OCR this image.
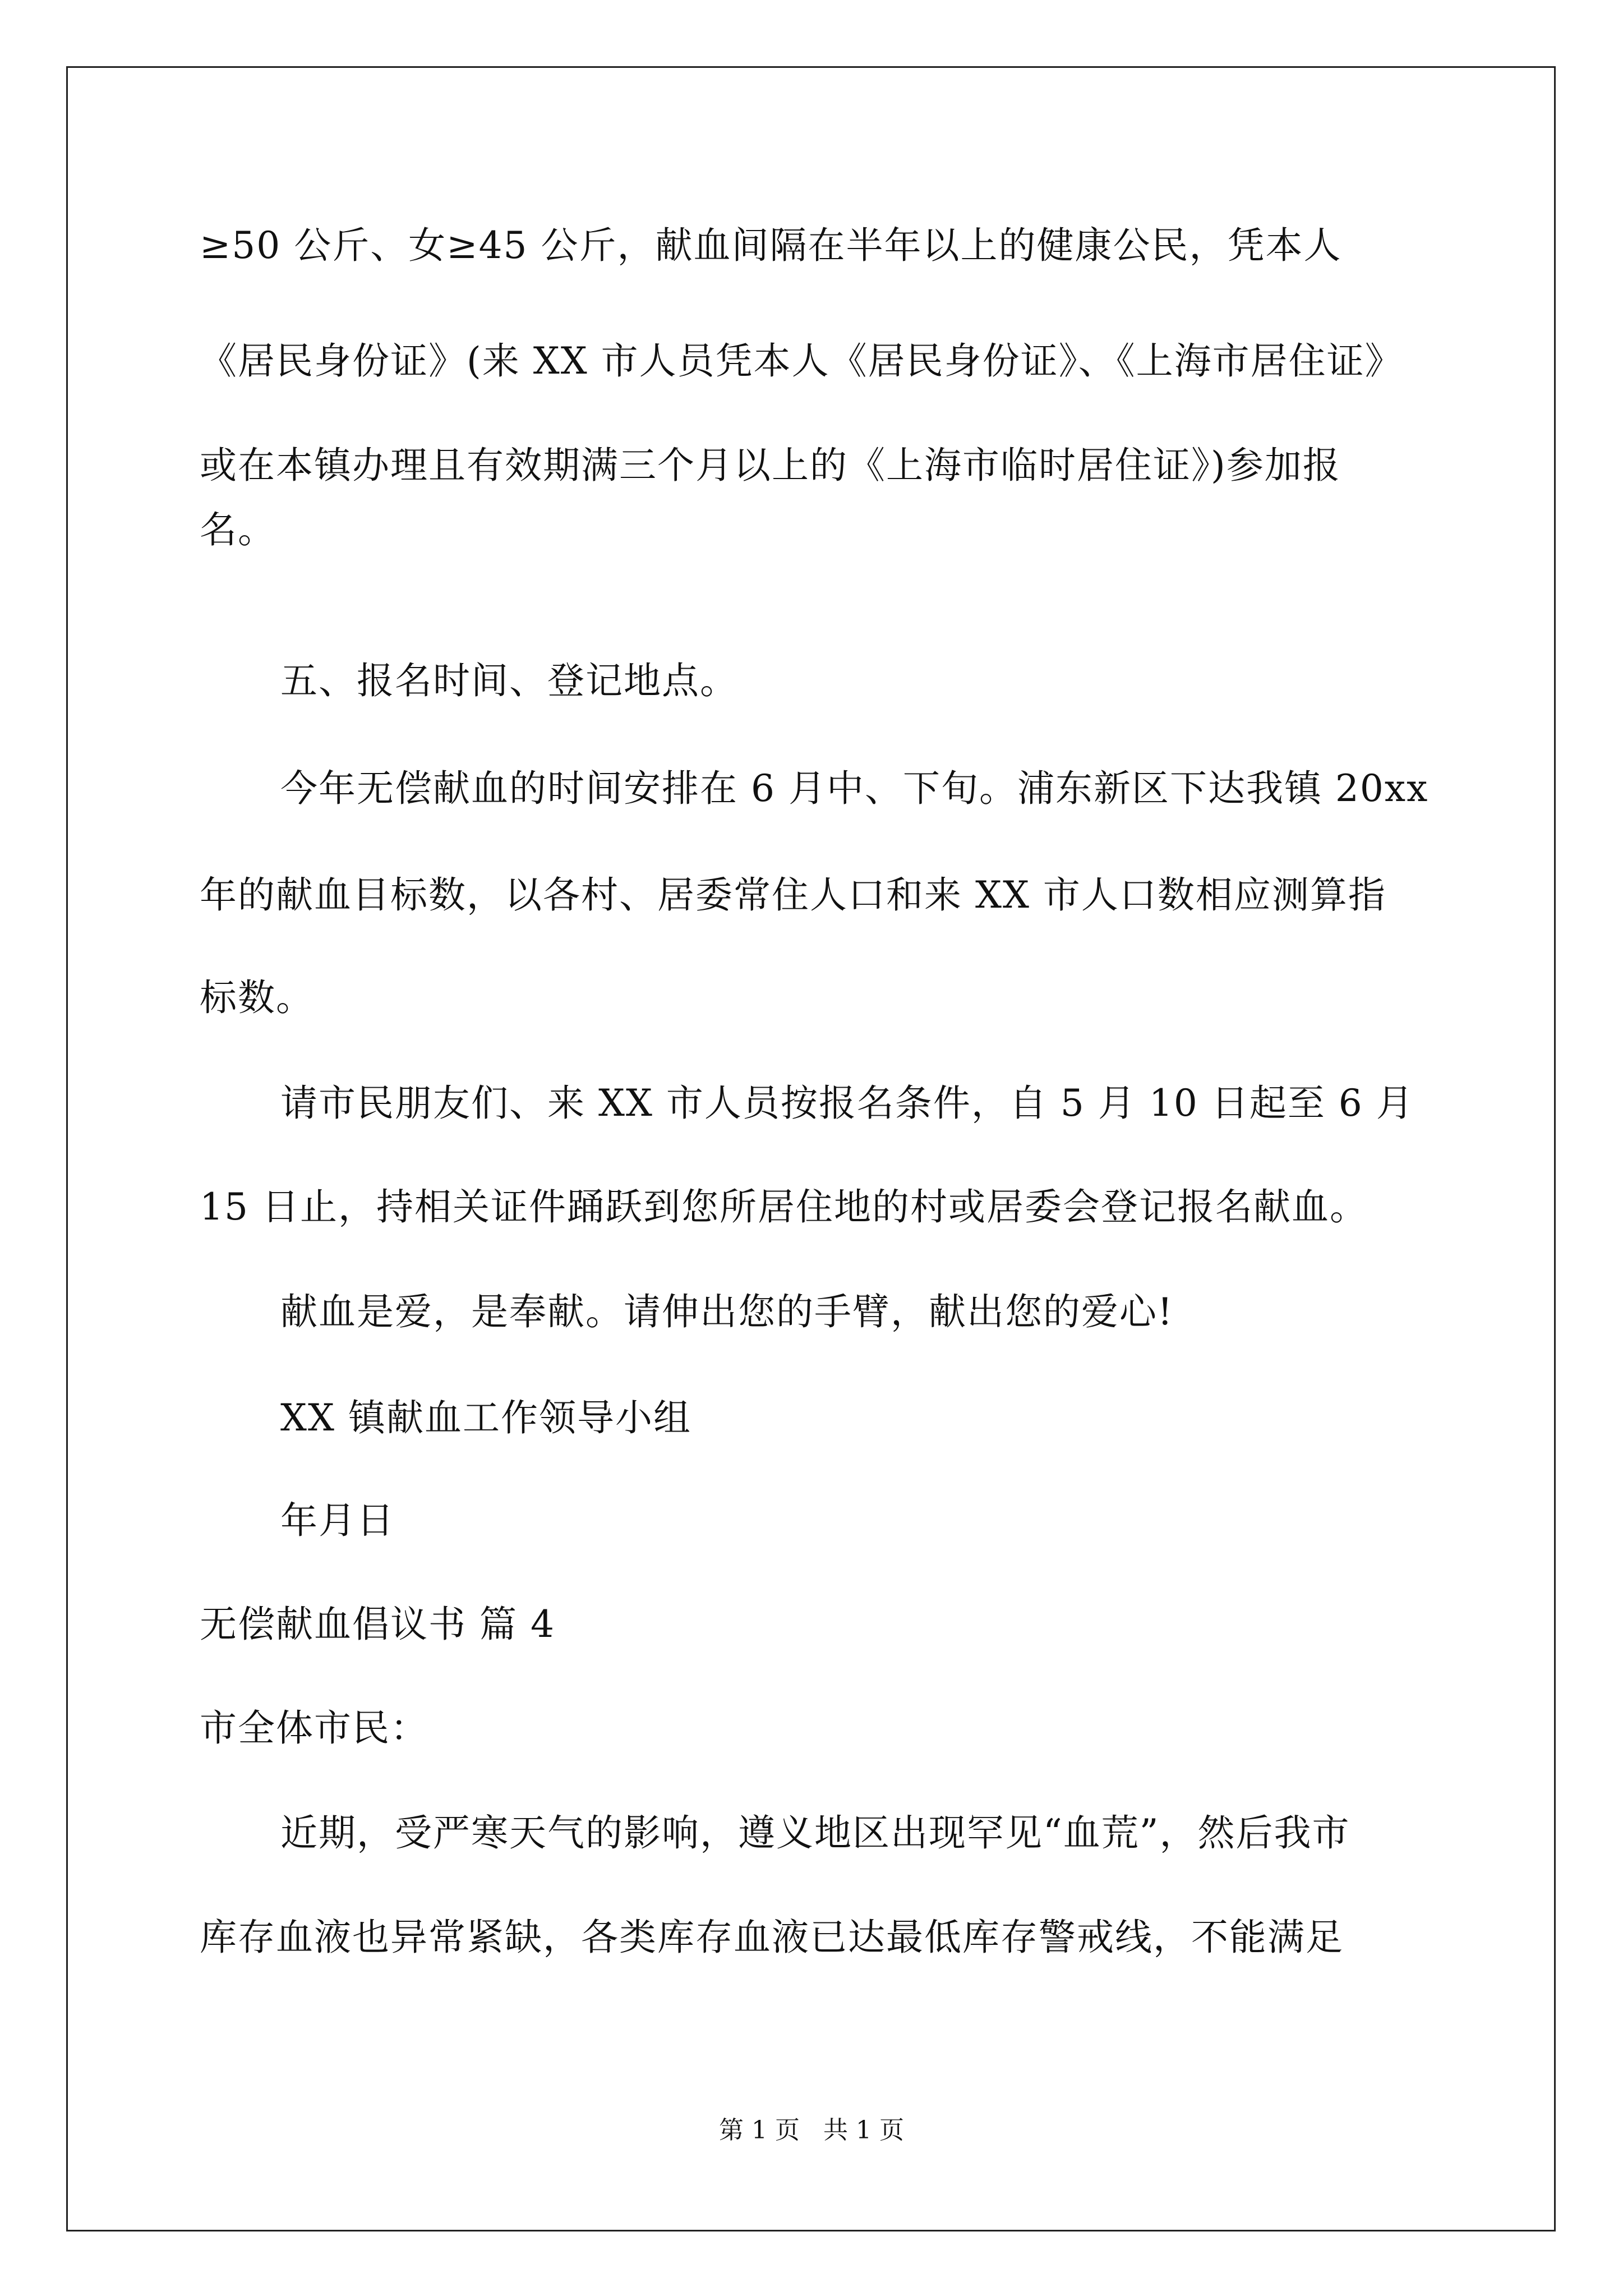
≥50 公斤、女≥45 公斤，献血间隔在半年以上的健康公民，凭本人
《居民身份证》(来 XX 市人员凭本人《居民身份证》、《上海市居住证》
或在本镇办理且有效期满三个月以上的《上海市临时居住证》)参加报
名。
五、报名时间、登记地点。
今年无偿献血的时间安排在 6 月中、下旬。浦东新区下达我镇 20xx
年的献血目标数，以各村、居委常住人口和来 XX 市人口数相应测算指
标数。
请市民朋友们、来 XX 市人员按报名条件，自 5 月 10 日起至 6 月
15 日止，持相关证件踊跃到您所居住地的村或居委会登记报名献血。
献血是爱，是奉献。请伸出您的手臂，献出您的爱心!
XX 镇献血工作领导小组
年月日
无偿献血倡议书 篇 4
市全体市民：
近期，受严寒天气的影响，遵义地区出现罕见“血荒”，然后我市
库存血液也异常紧缺，各类库存血液已达最低库存警戒线，不能满足
第 1 页   共 1 页
